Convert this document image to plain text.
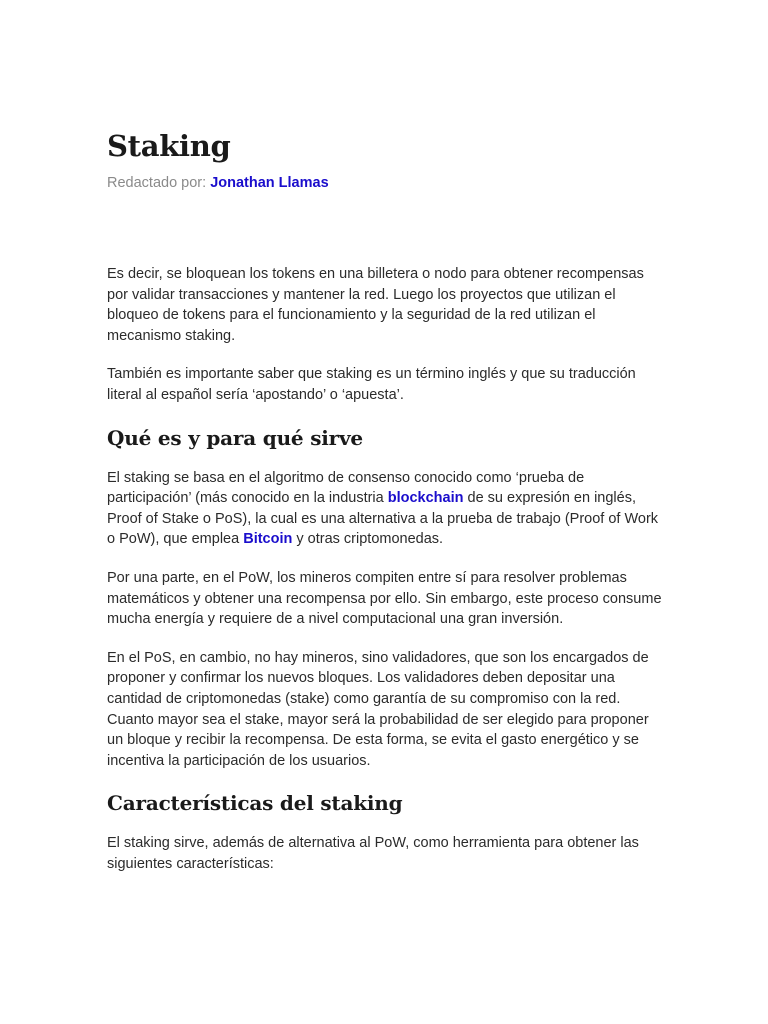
Staking
Redactado por: Jonathan Llamas

Es decir, se bloquean los tokens en una billetera o nodo para obtener recompensas por validar transacciones y mantener la red. Luego los proyectos que utilizan el bloqueo de tokens para el funcionamiento y la seguridad de la red utilizan el mecanismo staking.

También es importante saber que staking es un término inglés y que su traducción literal al español sería ‘apostando’ o ‘apuesta’.

Qué es y para qué sirve

El staking se basa en el algoritmo de consenso conocido como ‘prueba de participación’ (más conocido en la industria blockchain de su expresión en inglés, Proof of Stake o PoS), la cual es una alternativa a la prueba de trabajo (Proof of Work o PoW), que emplea Bitcoin y otras criptomonedas.

Por una parte, en el PoW, los mineros compiten entre sí para resolver problemas matemáticos y obtener una recompensa por ello. Sin embargo, este proceso consume mucha energía y requiere de a nivel computacional una gran inversión.

En el PoS, en cambio, no hay mineros, sino validadores, que son los encargados de proponer y confirmar los nuevos bloques. Los validadores deben depositar una cantidad de criptomonedas (stake) como garantía de su compromiso con la red. Cuanto mayor sea el stake, mayor será la probabilidad de ser elegido para proponer un bloque y recibir la recompensa. De esta forma, se evita el gasto energético y se incentiva la participación de los usuarios.

Características del staking

El staking sirve, además de alternativa al PoW, como herramienta para obtener las siguientes características:
